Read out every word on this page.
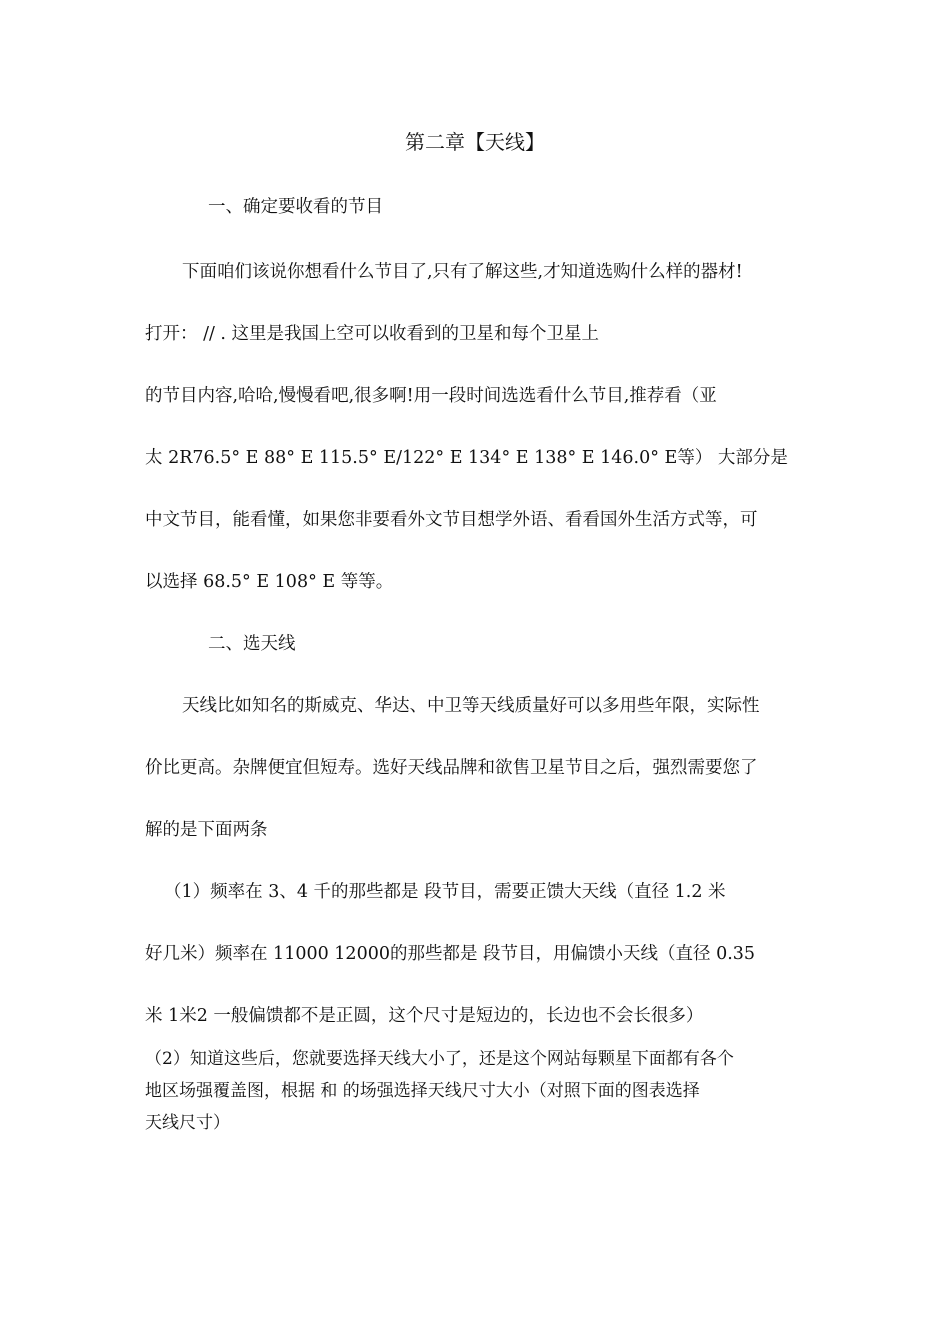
第二章【天线】
一、确定要收看的节目
下面咱们该说你想看什么节目了,只有了解这些,才知道选购什么样的器材!
打开： // . 这里是我国上空可以收看到的卫星和每个卫星上
的节目内容,哈哈,慢慢看吧,很多啊!用一段时间选选看什么节目,推荐看（亚
太 2R76.5° E 88° E 115.5° E/122° E 134° E 138° E 146.0° E等） 大部分是
中文节目，能看懂，如果您非要看外文节目想学外语、看看国外生活方式等，可
以选择 68.5° E 108° E 等等。
二、选天线
天线比如知名的斯威克、华达、中卫等天线质量好可以多用些年限，实际性
价比更高。杂牌便宜但短寿。选好天线品牌和欲售卫星节目之后，强烈需要您了
解的是下面两条
（1）频率在 3、4 千的那些都是 段节目，需要正馈大天线（直径 1.2 米
好几米）频率在 11000 12000的那些都是 段节目，用偏馈小天线（直径 0.35
米 1米2 一般偏馈都不是正圆，这个尺寸是短边的，长边也不会长很多）
（2）知道这些后，您就要选择天线大小了，还是这个网站每颗星下面都有各个
地区场强覆盖图，根据 和 的场强选择天线尺寸大小（对照下面的图表选择
天线尺寸）
